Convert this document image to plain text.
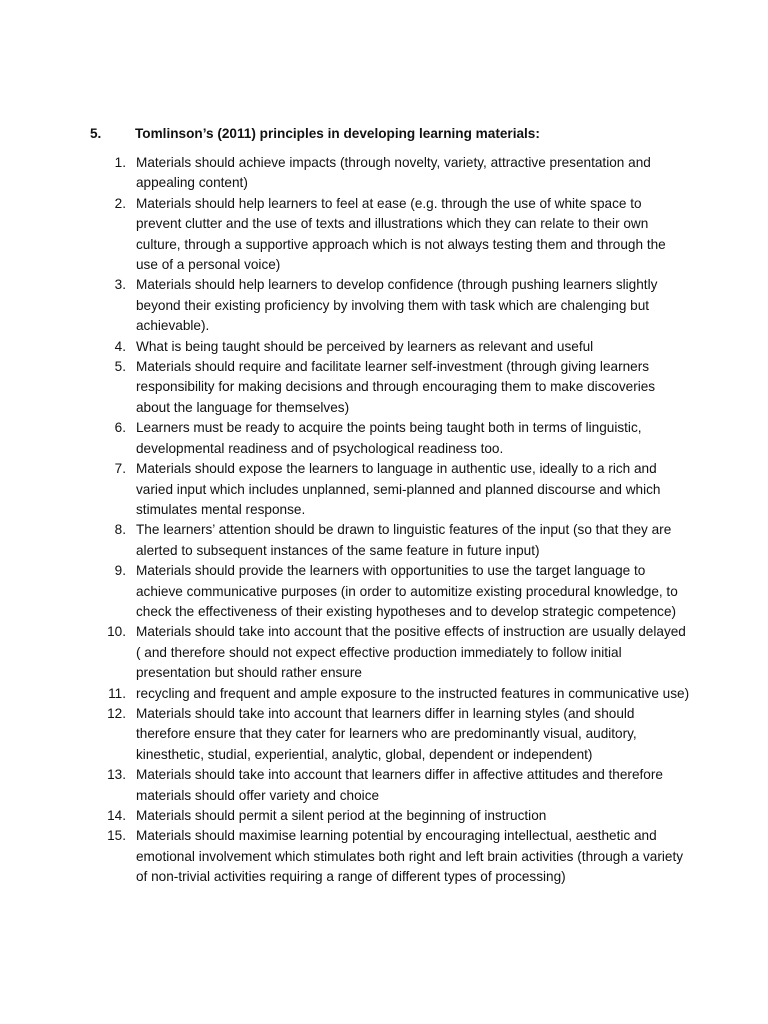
5. Tomlinson’s (2011) principles in developing learning materials:
1. Materials should achieve impacts (through novelty, variety, attractive presentation and appealing content)
2. Materials should help learners to feel at ease (e.g. through the use of white space to prevent clutter and the use of texts and illustrations which they can relate to their own culture, through a supportive approach which is not always testing them and through the use of a personal voice)
3. Materials should help learners to develop confidence (through pushing learners slightly beyond their existing proficiency by involving them with task which are chalenging but achievable).
4. What is being taught should be perceived by learners as relevant and useful
5. Materials should require and facilitate learner self-investment (through giving learners responsibility for making decisions and through encouraging them to make discoveries about the language for themselves)
6. Learners must be ready to acquire the points being taught both in terms of linguistic, developmental readiness and of psychological readiness too.
7. Materials should expose the learners to language in authentic use, ideally to a rich and varied input which includes unplanned, semi-planned and planned discourse and which stimulates mental response.
8. The learners’ attention should be drawn to linguistic features of the input (so that they are alerted to subsequent instances of the same feature in future input)
9. Materials should provide the learners with opportunities to use the target language to achieve communicative purposes (in order to automitize existing procedural knowledge, to check the effectiveness of their existing hypotheses and to develop strategic competence)
10. Materials should take into account that the positive effects of instruction are usually delayed ( and therefore should not expect effective production immediately to follow initial presentation but should rather ensure
11. recycling and frequent and ample exposure to the instructed features in communicative use)
12. Materials should take into account that learners differ in learning styles (and should therefore ensure that they cater for learners who are predominantly visual, auditory, kinesthetic, studial, experiential, analytic, global, dependent or independent)
13. Materials should take into account that learners differ in affective attitudes and therefore materials should offer variety and choice
14. Materials should permit a silent period at the beginning of instruction
15. Materials should maximise learning potential by encouraging intellectual, aesthetic and emotional involvement which stimulates both right and left brain activities (through a variety of non-trivial activities requiring a range of different types of processing)
